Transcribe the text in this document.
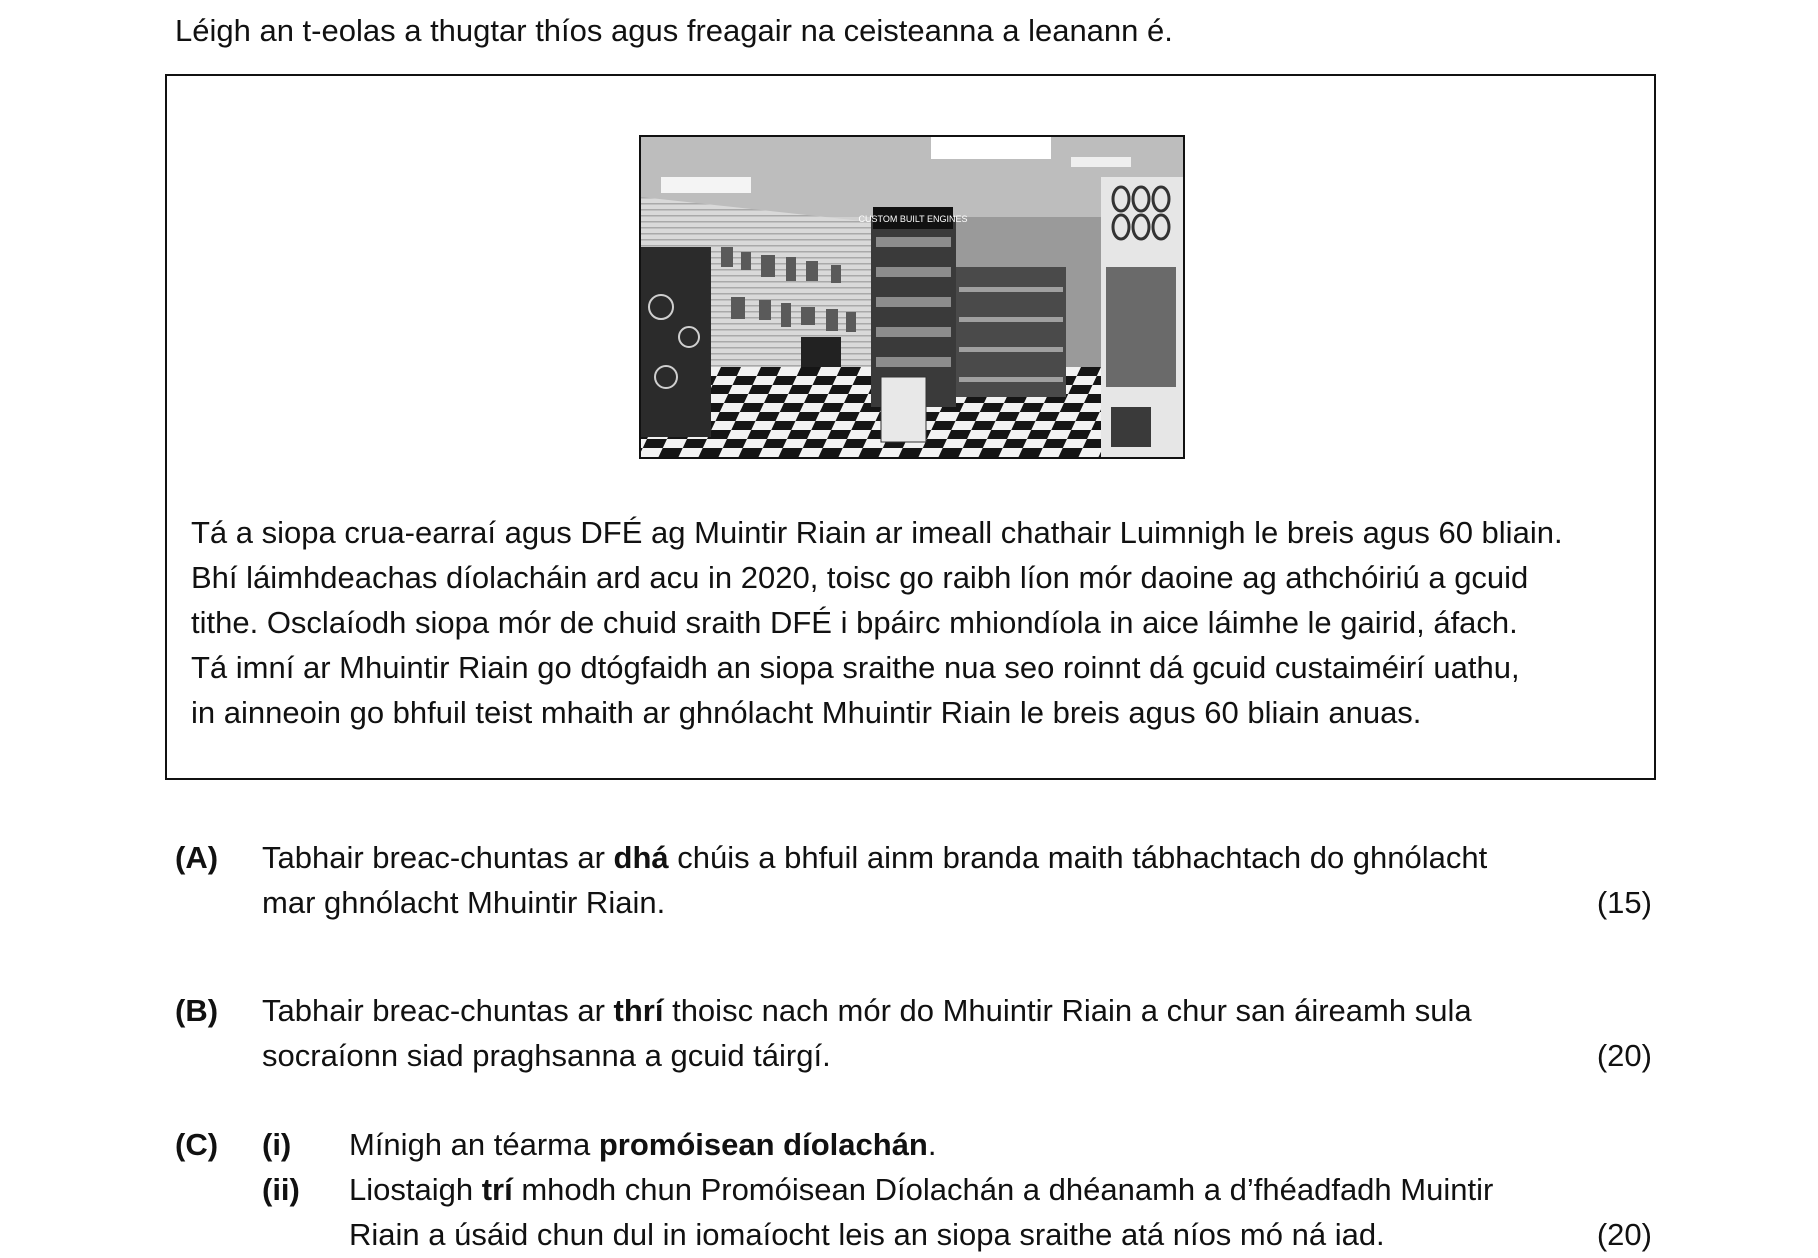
Léigh an t-eolas a thugtar thíos agus freagair na ceisteanna a leanann é.
CUSTOM BUILT ENGINES
Tá a siopa crua-earraí agus DFÉ ag Muintir Riain ar imeall chathair Luimnigh le breis agus 60 bliain.
Bhí láimhdeachas díolacháin ard acu in 2020, toisc go raibh líon mór daoine ag athchóiriú a gcuid
tithe. Osclaíodh siopa mór de chuid sraith DFÉ i bpáirc mhiondíola in aice láimhe le gairid, áfach.
Tá imní ar Mhuintir Riain go dtógfaidh an siopa sraithe nua seo roinnt dá gcuid custaiméirí uathu,
in ainneoin go bhfuil teist mhaith ar ghnólacht Mhuintir Riain le breis agus 60 bliain anuas.
(A) Tabhair breac-chuntas ar dhá chúis a bhfuil ainm branda maith tábhachtach do ghnólacht
mar ghnólacht Mhuintir Riain.	(15)
(B) Tabhair breac-chuntas ar thrí thoisc nach mór do Mhuintir Riain a chur san áireamh sula
socraíonn siad praghsanna a gcuid táirgí.	(20)
(C) (i) Mínigh an téarma promóisean díolachán.
(ii) Liostaigh trí mhodh chun Promóisean Díolachán a dhéanamh a d’fhéadfadh Muintir
Riain a úsáid chun dul in iomaíocht leis an siopa sraithe atá níos mó ná iad.	(20)
